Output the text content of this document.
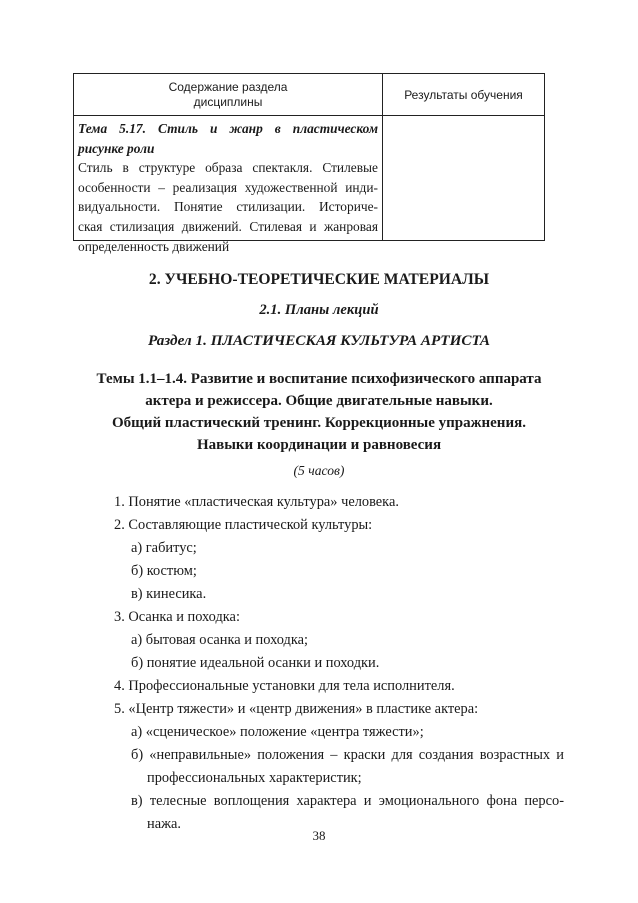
Содержание раздела
дисциплины	Результаты обучения
Тема 5.17. Стиль и жанр в пластическом
рисунке роли
Стиль в структуре образа спектакля. Стилевые
особенности – реализация художественной инди-
видуальности. Понятие стилизации. Историче-
ская стилизация движений. Стилевая и жанровая
определенность движений
2. УЧЕБНО-ТЕОРЕТИЧЕСКИЕ МАТЕРИАЛЫ
2.1. Планы лекций
Раздел 1. ПЛАСТИЧЕСКАЯ КУЛЬТУРА АРТИСТА
Темы 1.1–1.4. Развитие и воспитание психофизического аппарата
актера и режиссера. Общие двигательные навыки.
Общий пластический тренинг. Коррекционные упражнения.
Навыки координации и равновесия
(5 часов)
1. Понятие «пластическая культура» человека.
2. Составляющие пластической культуры:
а) габитус;
б) костюм;
в) кинесика.
3. Осанка и походка:
а) бытовая осанка и походка;
б) понятие идеальной осанки и походки.
4. Профессиональные установки для тела исполнителя.
5. «Центр тяжести» и «центр движения» в пластике актера:
а) «сценическое» положение «центра тяжести»;
б) «неправильные» положения – краски для создания возрастных и
профессиональных характеристик;
в) телесные воплощения характера и эмоционального фона персо-
нажа.
38
